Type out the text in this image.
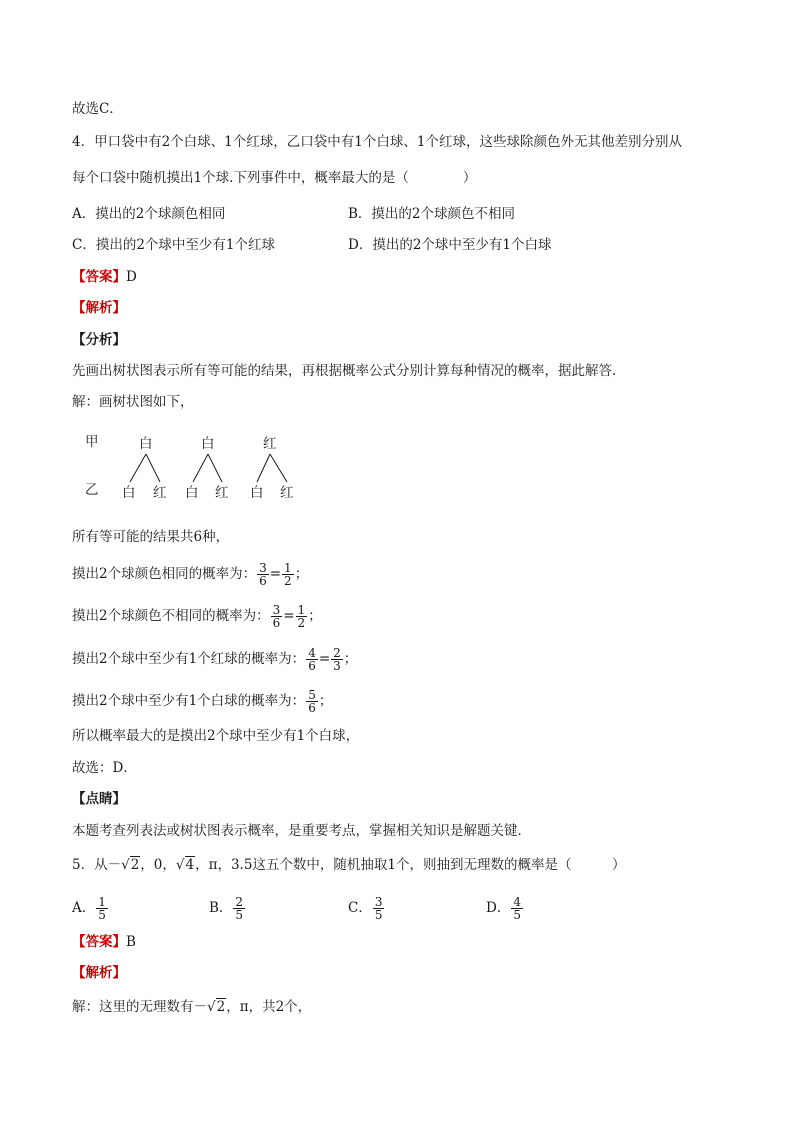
故选C．
4．甲口袋中有2个白球、1个红球，乙口袋中有1个白球、1个红球，这些球除颜色外无其他差别分别从
每个口袋中随机摸出1个球.下列事件中，概率最大的是（　　　　）
A．摸出的2个球颜色相同	B．摸出的2个球颜色不相同
C．摸出的2个球中至少有1个红球	D．摸出的2个球中至少有1个白球
【答案】D
【解析】
【分析】
先画出树状图表示所有等可能的结果，再根据概率公式分别计算每种情况的概率，据此解答．
解：画树状图如下，
甲
乙
白	白	红
白 红 白 红 白 红
所有等可能的结果共6种，
摸出2个球颜色相同的概率为： $\frac{3}{6} = \frac{1}{2}$ ；
摸出2个球颜色不相同的概率为： $\frac{3}{6} = \frac{1}{2}$ ；
摸出2个球中至少有1个红球的概率为： $\frac{4}{6} = \frac{2}{3}$ ；
摸出2个球中至少有1个白球的概率为： $\frac{5}{6}$ ；
所以概率最大的是摸出2个球中至少有1个白球，
故选：D．
【点睛】
本题考查列表法或树状图表示概率，是重要考点，掌握相关知识是解题关键．
5．从－√2，0，√4，π，3.5这五个数中，随机抽取1个，则抽到无理数的概率是（　　　）
A． $\frac{1}{5}$	B． $\frac{2}{5}$	C． $\frac{3}{5}$	D． $\frac{4}{5}$
【答案】B
【解析】
解：这里的无理数有－√2，π，共2个，
